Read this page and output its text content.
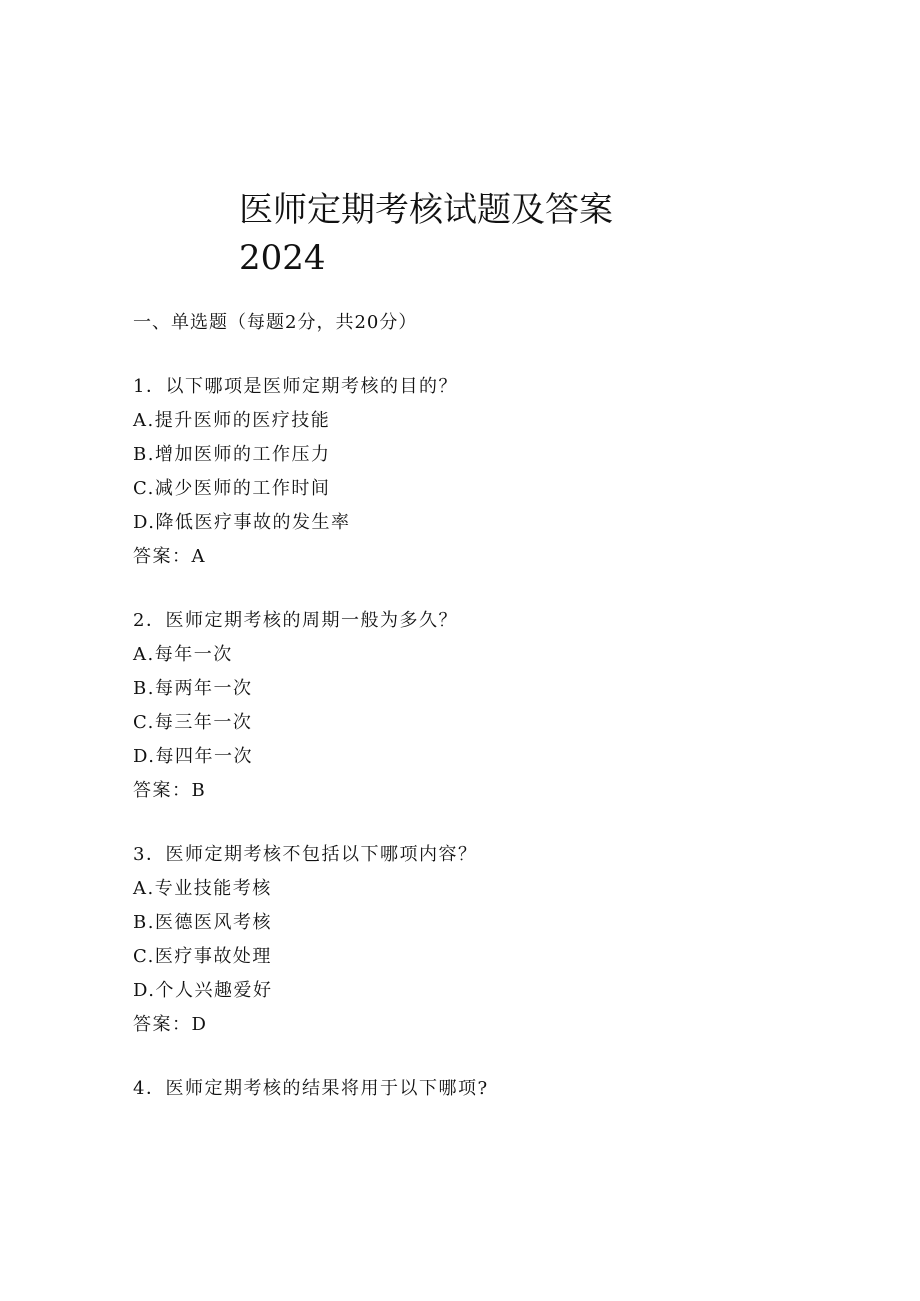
医师定期考核试题及答案
2024
一、单选题（每题2分，共20分）
1．以下哪项是医师定期考核的目的？
A.提升医师的医疗技能
B.增加医师的工作压力
C.减少医师的工作时间
D.降低医疗事故的发生率
答案：A
2．医师定期考核的周期一般为多久？
A.每年一次
B.每两年一次
C.每三年一次
D.每四年一次
答案：B
3．医师定期考核不包括以下哪项内容？
A.专业技能考核
B.医德医风考核
C.医疗事故处理
D.个人兴趣爱好
答案：D
4．医师定期考核的结果将用于以下哪项?
